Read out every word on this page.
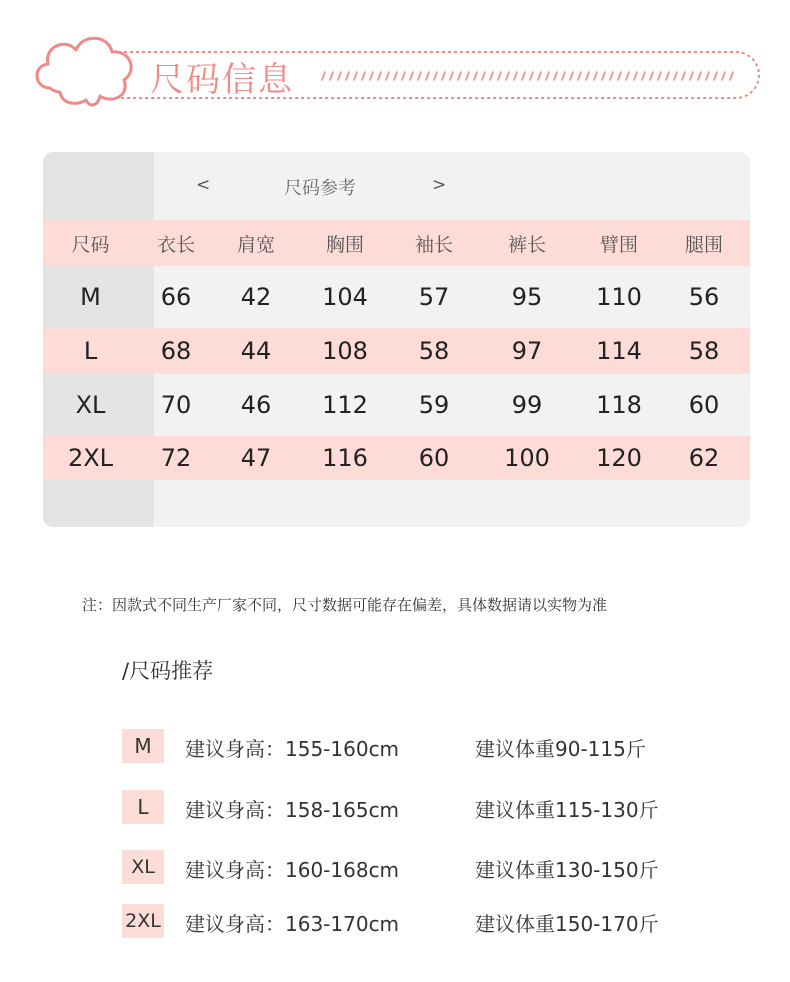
尺码信息
<	尺码参考	>
尺码	衣长	肩宽	胸围	袖长	裤长	臂围	腿围
M	66	42	104	57	95	110	56
L	68	44	108	58	97	114	58
XL	70	46	112	59	99	118	60
2XL	72	47	116	60	100	120	62
注：因款式不同生产厂家不同，尺寸数据可能存在偏差，具体数据请以实物为准
/尺码推荐
M	建议身高：155-160cm	建议体重90-115斤
L	建议身高：158-165cm	建议体重115-130斤
XL	建议身高：160-168cm	建议体重130-150斤
2XL 建议身高：163-170cm	建议体重150-170斤
